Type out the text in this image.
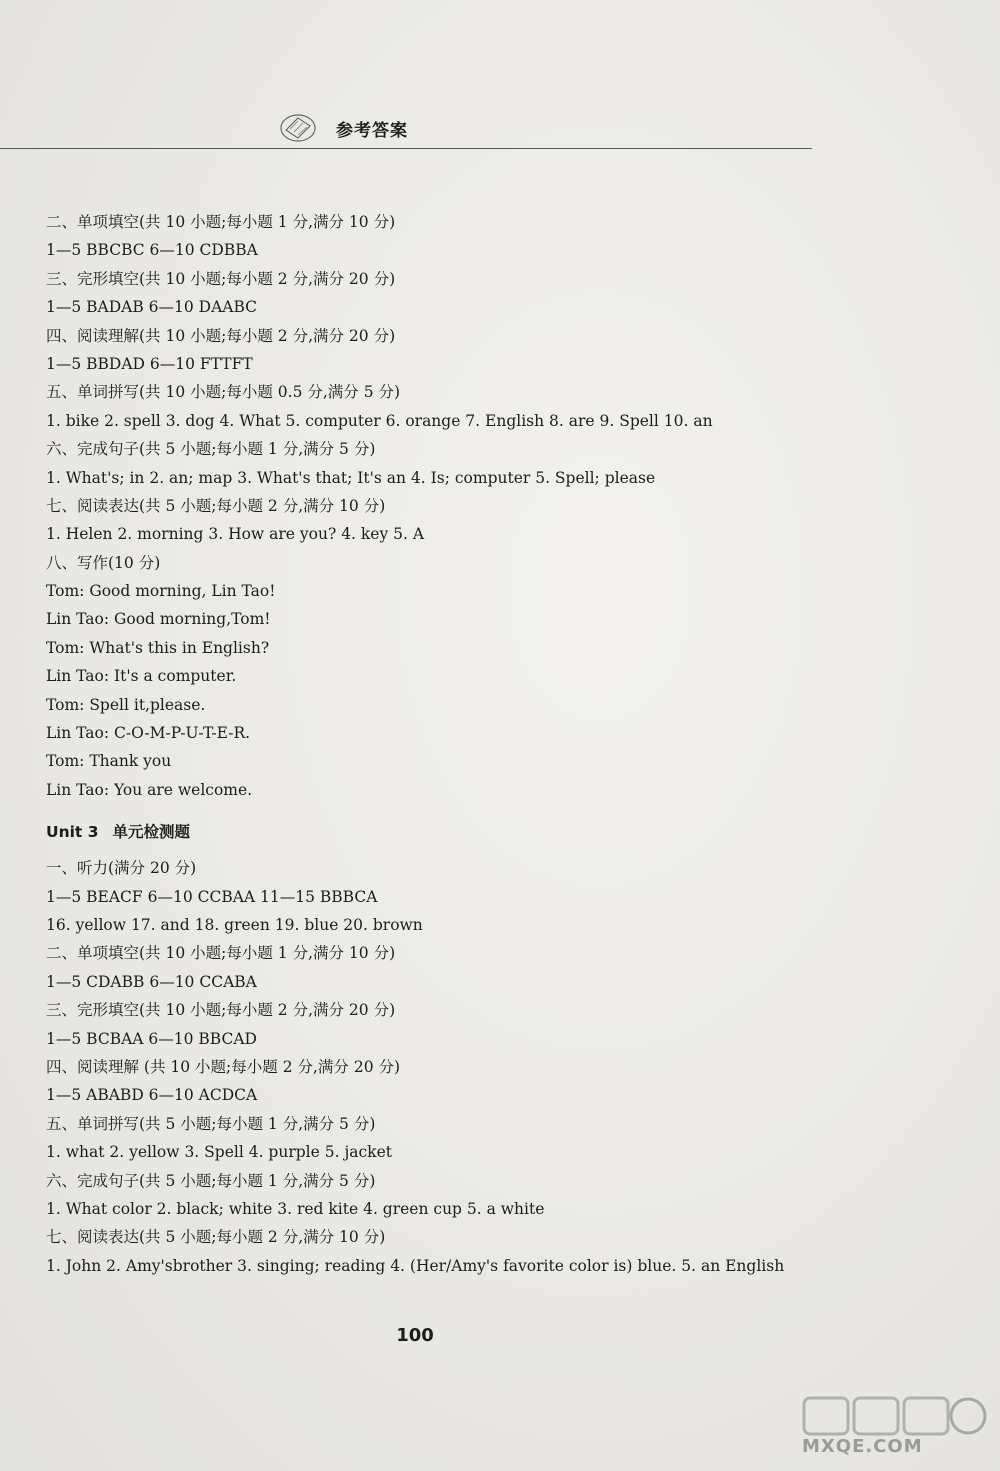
参考答案
二、单项填空(共 10 小题;每小题 1 分,满分 10 分)
1—5 BBCBC 6—10 CDBBA
三、完形填空(共 10 小题;每小题 2 分,满分 20 分)
1—5 BADAB 6—10 DAABC
四、阅读理解(共 10 小题;每小题 2 分,满分 20 分)
1—5 BBDAD 6—10 FTTFT
五、单词拼写(共 10 小题;每小题 0.5 分,满分 5 分)
1. bike 2. spell 3. dog 4. What 5. computer 6. orange 7. English 8. are 9. Spell 10. an
六、完成句子(共 5 小题;每小题 1 分,满分 5 分)
1. What's; in 2. an; map 3. What's that; It's an 4. Is; computer 5. Spell; please
七、阅读表达(共 5 小题;每小题 2 分,满分 10 分)
1. Helen 2. morning 3. How are you? 4. key 5. A
八、写作(10 分)
Tom: Good morning, Lin Tao!
Lin Tao: Good morning,Tom!
Tom: What's this in English?
Lin Tao: It's a computer.
Tom: Spell it,please.
Lin Tao: C-O-M-P-U-T-E-R.
Tom: Thank you
Lin Tao: You are welcome.
Unit 3 单元检测题
一、听力(满分 20 分)
1—5 BEACF 6—10 CCBAA 11—15 BBBCA
16. yellow 17. and 18. green 19. blue 20. brown
二、单项填空(共 10 小题;每小题 1 分,满分 10 分)
1—5 CDABB 6—10 CCABA
三、完形填空(共 10 小题;每小题 2 分,满分 20 分)
1—5 BCBAA 6—10 BBCAD
四、阅读理解 (共 10 小题;每小题 2 分,满分 20 分)
1—5 ABABD 6—10 ACDCA
五、单词拼写(共 5 小题;每小题 1 分,满分 5 分)
1. what 2. yellow 3. Spell 4. purple 5. jacket
六、完成句子(共 5 小题;每小题 1 分,满分 5 分)
1. What color 2. black; white 3. red kite 4. green cup 5. a white
七、阅读表达(共 5 小题;每小题 2 分,满分 10 分)
1. John 2. Amy'sbrother 3. singing; reading 4. (Her/Amy's favorite color is) blue. 5. an English
100
MXQE.COM
